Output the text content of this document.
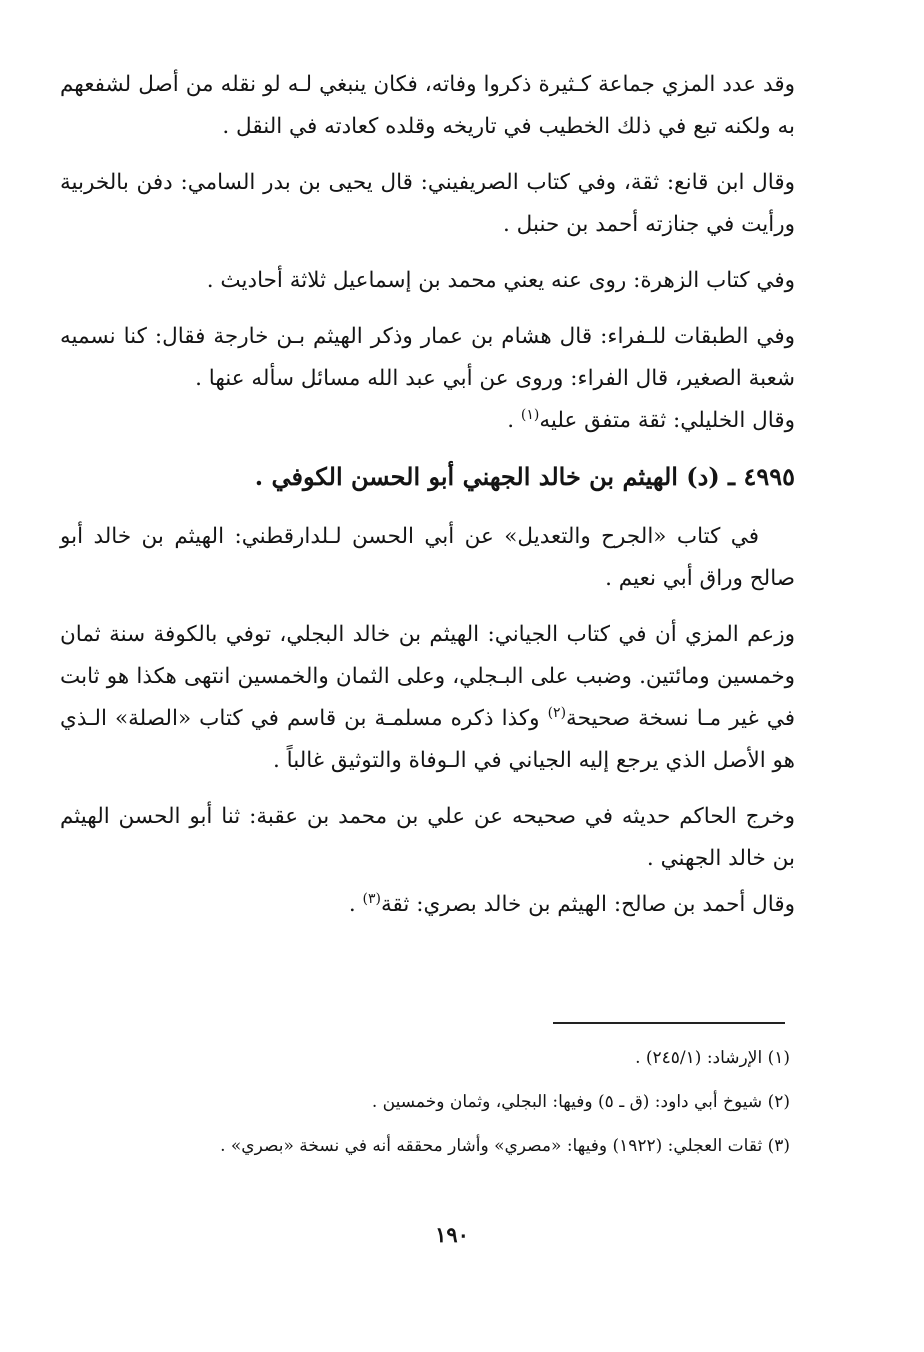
وقد عدد المزي جماعة كـثيرة ذكروا وفاته، فكان ينبغي لـه لو نقله من أصل لشفعهم به ولكنه تبع في ذلك الخطيب في تاريخه وقلده كعادته في النقل .

وقال ابن قانع: ثقة، وفي كتاب الصريفيني: قال يحيى بن بدر السامي: دفن بالخربية ورأيت في جنازته أحمد بن حنبل .

وفي كتاب الزهرة: روى عنه يعني محمد بن إسماعيل ثلاثة أحاديث .

وفي الطبقات للـفراء: قال هشام بن عمار وذكر الهيثم بـن خارجة فقال: كنا نسميه شعبة الصغير، قال الفراء: وروى عن أبي عبد الله مسائل سأله عنها .

وقال الخليلي: ثقة متفق عليه$^{(١)}$ .

٤٩٩٥ ـ (د) الهيثم بن خالد الجهني أبو الحسن الكوفي .

في كتاب «الجرح والتعديل» عن أبي الحسن لـلدارقطني: الهيثم بن خالد أبو صالح وراق أبي نعيم .

وزعم المزي أن في كتاب الجياني: الهيثم بن خالد البجلي، توفي بالكوفة سنة ثمان وخمسين ومائتين. وضبب على البـجلي، وعلى الثمان والخمسين انتهى هكذا هو ثابت في غير مـا نسخة صحيحة$^{(٢)}$ وكذا ذكره مسلمـة بن قاسم في كتاب «الصلة» الـذي هو الأصل الذي يرجع إليه الجياني في الـوفاة والتوثيق غالباً .

وخرج الحاكم حديثه في صحيحه عن علي بن محمد بن عقبة: ثنا أبو الحسن الهيثم بن خالد الجهني .

وقال أحمد بن صالح: الهيثم بن خالد بصري: ثقة$^{(٣)}$ .

(١) الإرشاد: (٢٤٥/١) .
(٢) شيوخ أبي داود: (ق ـ ٥) وفيها: البجلي، وثمان وخمسين .
(٣) ثقات العجلي: (١٩٢٢) وفيها: «مصري» وأشار محققه أنه في نسخة «بصري» .
١٩٠
